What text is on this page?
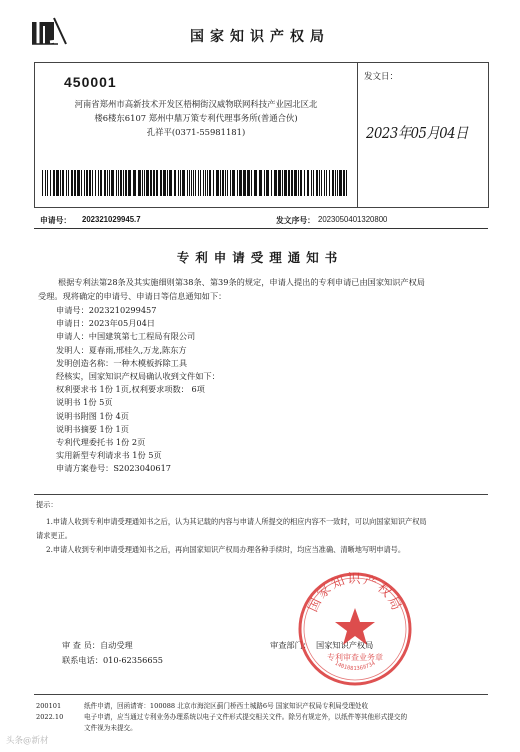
国家知识产权局
450001
河南省郑州市高新技术开发区梧桐街汉威物联网科技产业园北区北
楼6楼东6107 郑州中鼎万策专利代理事务所(普通合伙)
孔祥平(0371-55981181)
发文日：
2023年05月04日
申请号： 202321029945.7	发文序号： 2023050401320800
专利申请受理通知书
根据专利法第28条及其实施细则第38条、第39条的规定，申请人提出的专利申请已由国家知识产权局
受理。现将确定的申请号、申请日等信息通知如下：
申请号：2023210299457
申请日：2023年05月04日
申请人：中国建筑第七工程局有限公司
发明人：夏春雨,邢桂久,万龙,陈东方
发明创造名称：一种木模板拆除工具
经核实，国家知识产权局确认收到文件如下：
权利要求书 1份 1页,权利要求项数： 6项
说明书 1份 5页
说明书附图 1份 4页
说明书摘要 1份 1页
专利代理委托书 1份 2页
实用新型专利请求书 1份 5页
申请方案卷号：S2023040617
提示：
1.申请人收到专利申请受理通知书之后，认为其记载的内容与申请人所提交的相应内容不一致时，可以向国家知识产权局
请求更正。
2.申请人收到专利申请受理通知书之后，再向国家知识产权局办理各种手续时，均应当准确、清晰地写明申请号。
审 查 员：自动受理
联系电话：010-62356655
审查部门： 国家知识产权局
国家知识产权局
专利审查业务章
1401081369734
200101
2022.10
纸件申请，回函请寄：100088 北京市海淀区蓟门桥西土城路6号 国家知识产权局专利局受理处收
电子申请，应当通过专利业务办理系统以电子文件形式提交相关文件。除另有规定外，以纸件等其他形式提交的
文件视为未提交。
头条@新材
